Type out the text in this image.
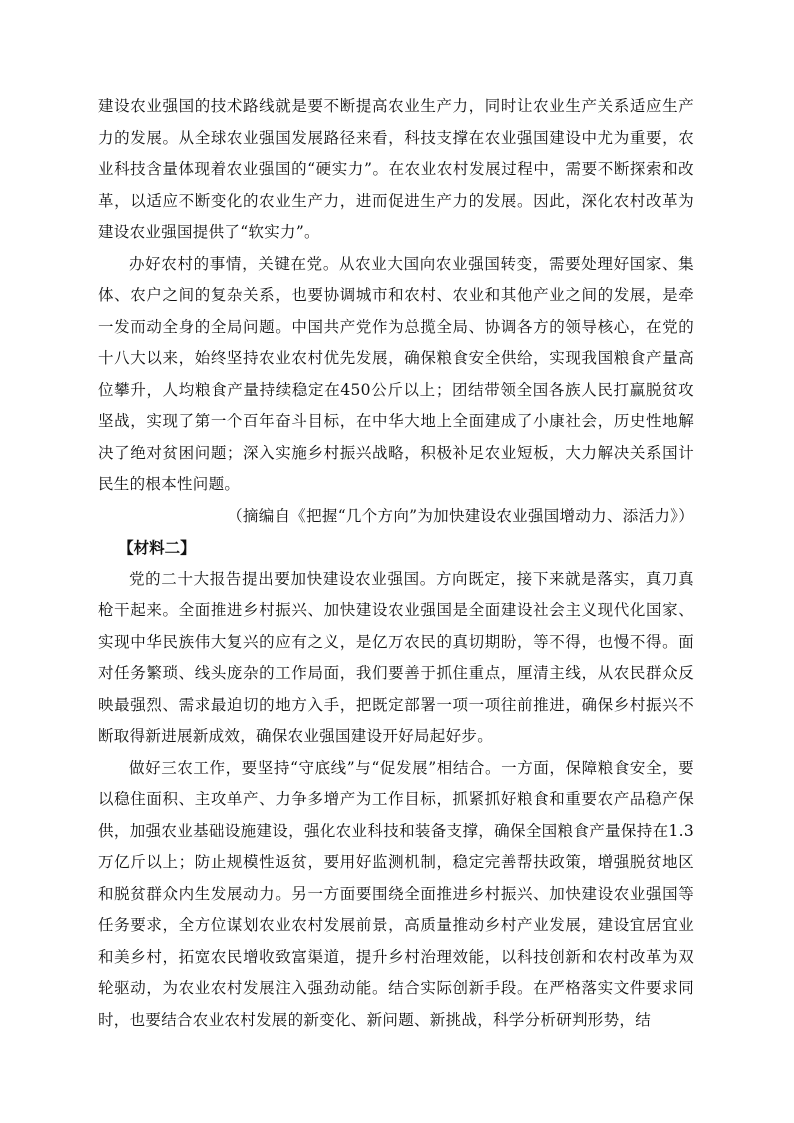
建设农业强国的技术路线就是要不断提高农业生产力，同时让农业生产关系适应生产力的发展。从全球农业强国发展路径来看，科技支撑在农业强国建设中尤为重要，农业科技含量体现着农业强国的“硬实力”。在农业农村发展过程中，需要不断探索和改革，以适应不断变化的农业生产力，进而促进生产力的发展。因此，深化农村改革为建设农业强国提供了“软实力”。

办好农村的事情，关键在党。从农业大国向农业强国转变，需要处理好国家、集体、农户之间的复杂关系，也要协调城市和农村、农业和其他产业之间的发展，是牵一发而动全身的全局问题。中国共产党作为总揽全局、协调各方的领导核心，在党的十八大以来，始终坚持农业农村优先发展，确保粮食安全供给，实现我国粮食产量高位攀升，人均粮食产量持续稳定在450公斤以上；团结带领全国各族人民打赢脱贫攻坚战，实现了第一个百年奋斗目标，在中华大地上全面建成了小康社会，历史性地解决了绝对贫困问题；深入实施乡村振兴战略，积极补足农业短板，大力解决关系国计民生的根本性问题。

（摘编自《把握“几个方向”为加快建设农业强国增动力、添活力》）

【材料二】

党的二十大报告提出要加快建设农业强国。方向既定，接下来就是落实，真刀真枪干起来。全面推进乡村振兴、加快建设农业强国是全面建设社会主义现代化国家、实现中华民族伟大复兴的应有之义，是亿万农民的真切期盼，等不得，也慢不得。面对任务繁琐、线头庞杂的工作局面，我们要善于抓住重点，厘清主线，从农民群众反映最强烈、需求最迫切的地方入手，把既定部署一项一项往前推进，确保乡村振兴不断取得新进展新成效，确保农业强国建设开好局起好步。

做好三农工作，要坚持“守底线”与“促发展”相结合。一方面，保障粮食安全，要以稳住面积、主攻单产、力争多增产为工作目标，抓紧抓好粮食和重要农产品稳产保供，加强农业基础设施建设，强化农业科技和装备支撑，确保全国粮食产量保持在1.3万亿斤以上；防止规模性返贫，要用好监测机制，稳定完善帮扶政策，增强脱贫地区和脱贫群众内生发展动力。另一方面要围绕全面推进乡村振兴、加快建设农业强国等任务要求，全方位谋划农业农村发展前景，高质量推动乡村产业发展，建设宜居宜业和美乡村，拓宽农民增收致富渠道，提升乡村治理效能，以科技创新和农村改革为双轮驱动，为农业农村发展注入强劲动能。结合实际创新手段。在严格落实文件要求同时，也要结合农业农村发展的新变化、新问题、新挑战，科学分析研判形势，结
